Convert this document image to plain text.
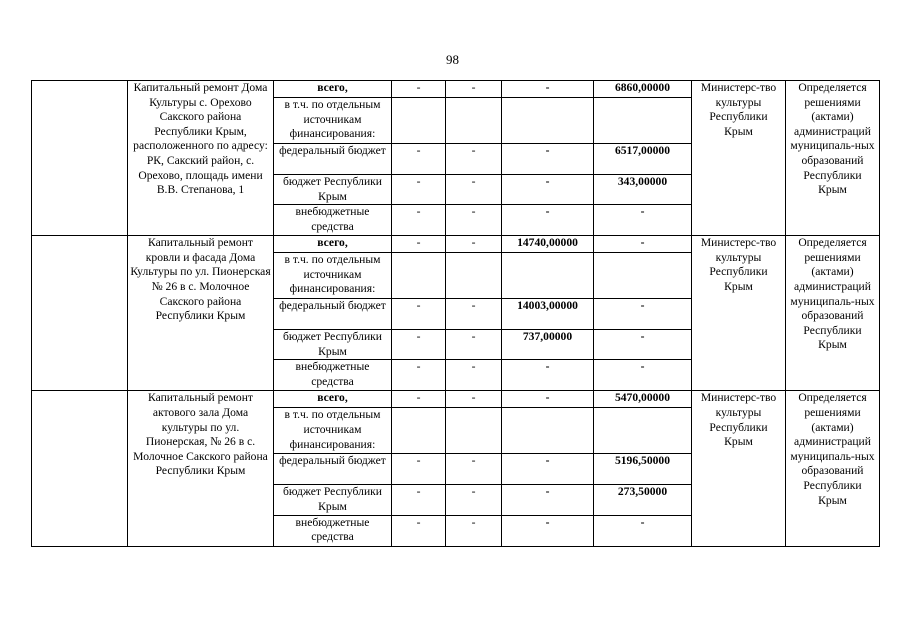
98
	Капитальный ремонт Дома Культуры с. Орехово Сакского района Республики Крым, расположенного по адресу: РК, Сакский район, с. Орехово, площадь имени В.В. Степанова, 1	всего,	-	-	-	6860,00000	Министерс-тво культуры Республики Крым	Определяется решениями (актами) администраций муниципаль-ных образований Республики Крым
		в т.ч. по отдельным источникам финансирования:						
		федеральный бюджет	-	-	-	6517,00000		
		бюджет Республики Крым	-	-	-	343,00000		
		внебюджетные средства	-	-	-	-		
	Капитальный ремонт кровли и фасада Дома Культуры по ул. Пионерская № 26 в с. Молочное Сакского района Республики Крым	всего,	-	-	14740,00000	-	Министерс-тво культуры Республики Крым	Определяется решениями (актами) администраций муниципаль-ных образований Республики Крым
		в т.ч. по отдельным источникам финансирования:						
		федеральный бюджет	-	-	14003,00000	-		
		бюджет Республики Крым	-	-	737,00000	-		
		внебюджетные средства	-	-	-	-		
	Капитальный ремонт актового зала Дома культуры по ул. Пионерская, № 26 в с. Молочное Сакского района Республики Крым	всего,	-	-	-	5470,00000	Министерс-тво культуры Республики Крым	Определяется решениями (актами) администраций муниципаль-ных образований Республики Крым
		в т.ч. по отдельным источникам финансирования:						
		федеральный бюджет	-	-	-	5196,50000		
		бюджет Республики Крым	-	-	-	273,50000		
		внебюджетные средства	-	-	-	-		
